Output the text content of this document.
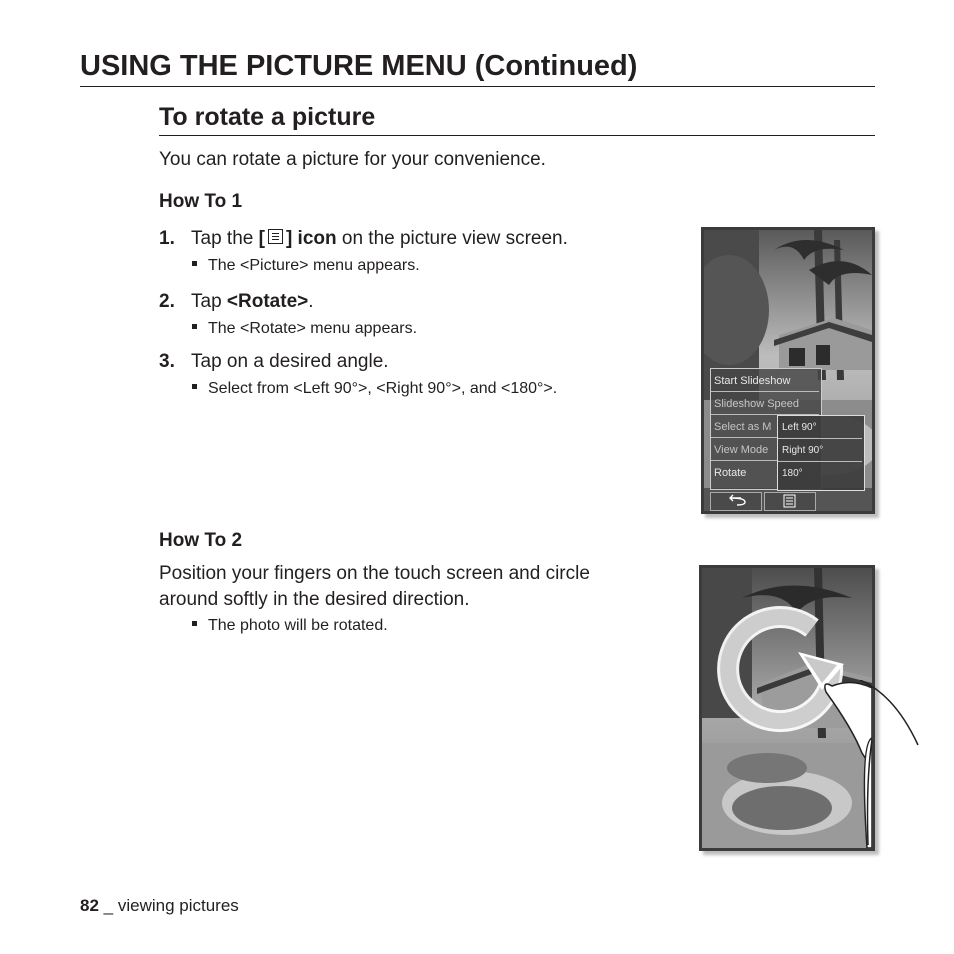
USING THE PICTURE MENU (Continued)
To rotate a picture
You can rotate a picture for your convenience.
How To 1
1. Tap the [ ] icon on the picture view screen.
The <Picture> menu appears.
2. Tap <Rotate>.
The <Rotate> menu appears.
3. Tap on a desired angle.
Select from <Left 90°>, <Right 90°>, and <180°>.	Start Slideshow
Slideshow Speed
Select as M
View Mode
Rotate
Left 90°
Right 90°
180°
How To 2
Position your fingers on the touch screen and circle
around softly in the desired direction.
The photo will be rotated.
82 _ viewing pictures
